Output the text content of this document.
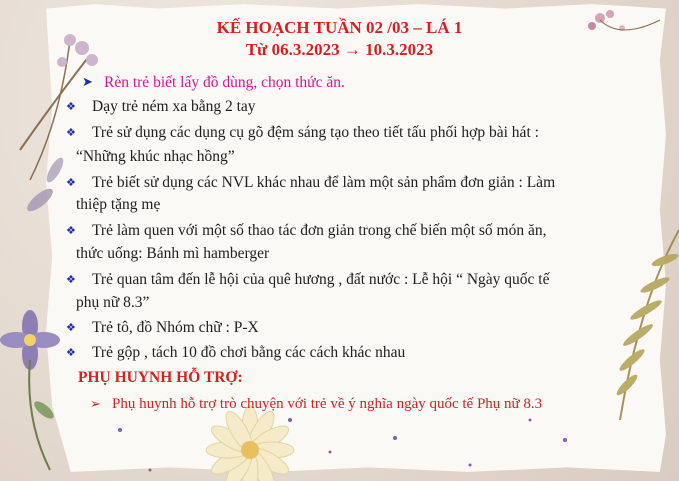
KẾ HOẠCH TUẦN 02 /03 – LÁ 1
Từ 06.3.2023 → 10.3.2023
➤ Rèn trẻ biết lấy đồ dùng, chọn thức ăn.
❖ Dạy trẻ ném xa bằng 2 tay
❖ Trẻ sử dụng các dụng cụ gõ đệm sáng tạo theo tiết tấu phối hợp bài hát :
“Những khúc nhạc hồng”
❖ Trẻ biết sử dụng các NVL khác nhau để làm một sản phẩm đơn giản : Làm
thiệp tặng mẹ
❖ Trẻ làm quen với một số thao tác đơn giản trong chế biến một số món ăn,
thức uống: Bánh mì hamberger
❖ Trẻ quan tâm đến lễ hội của quê hương , đất nước : Lễ hội “ Ngày quốc tế
phụ nữ 8.3”
❖ Trẻ tô, đồ Nhóm chữ : P-X
❖ Trẻ gộp , tách 10 đồ chơi bằng các cách khác nhau
PHỤ HUYNH HỖ TRỢ:
➢ Phụ huynh hỗ trợ trò chuyện với trẻ về ý nghĩa ngày quốc tế Phụ nữ 8.3
